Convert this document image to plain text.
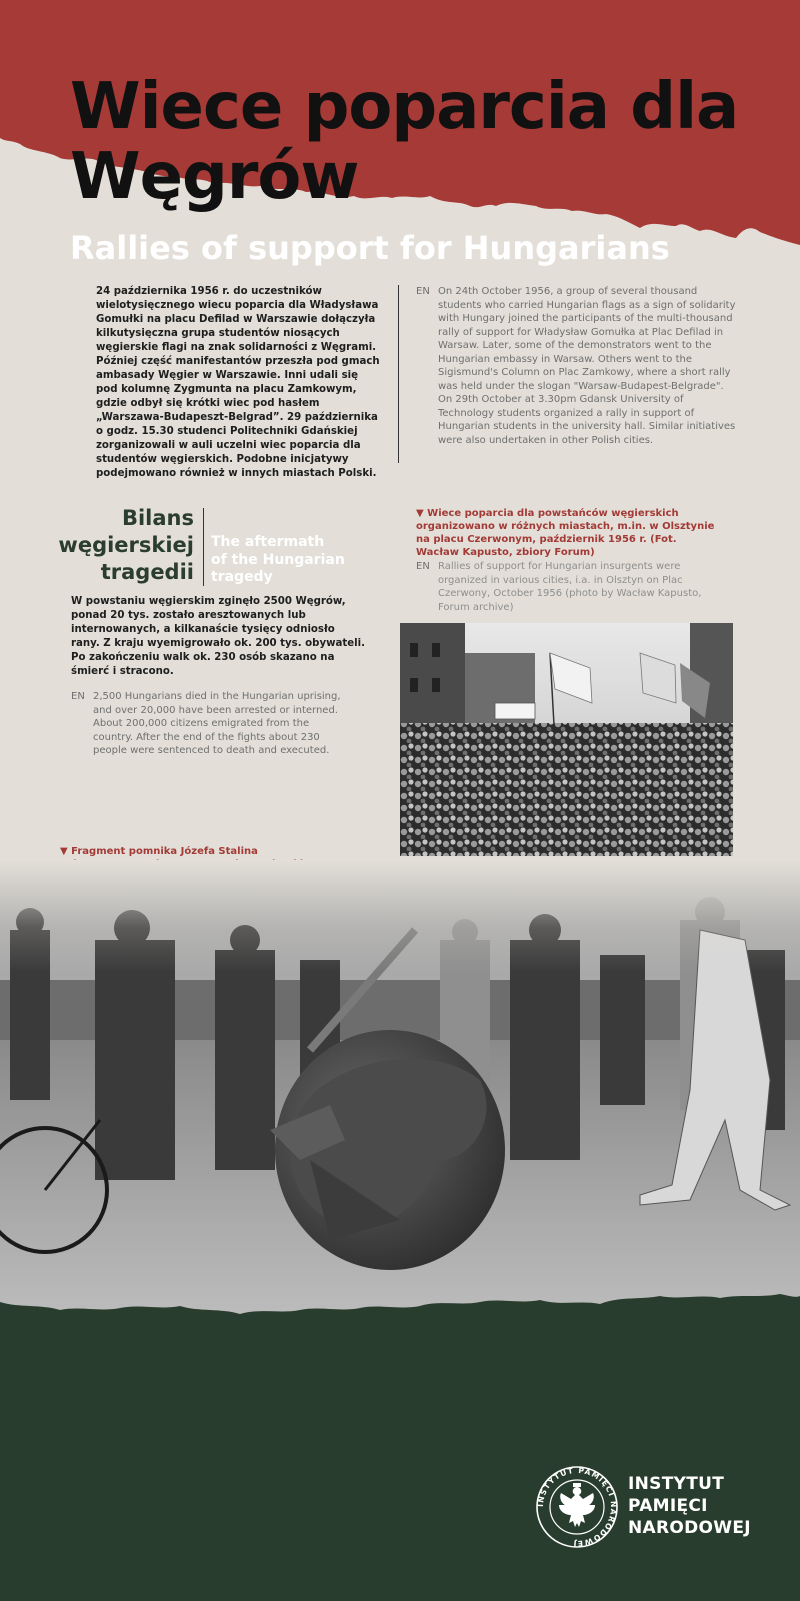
Wiece poparcia dla Węgrów
Rallies of support for Hungarians
24 października 1956 r. do uczestników wielotysięcznego wiecu poparcia dla Władysława Gomułki na placu Defilad w Warszawie dołączyła kilkutysięczna grupa studentów niosących węgierskie flagi na znak solidarności z Węgrami. Później część manifestantów przeszła pod gmach ambasady Węgier w Warszawie. Inni udali się pod kolumnę Zygmunta na placu Zamkowym, gdzie odbył się krótki wiec pod hasłem „Warszawa-Budapeszt-Belgrad”. 29 października o godz. 15.30 studenci Politechniki Gdańskiej zorganizowali w auli uczelni wiec poparcia dla studentów węgierskich. Podobne inicjatywy podejmowano również w innych miastach Polski.
EN On 24th October 1956, a group of several thousand students who carried Hungarian flags as a sign of solidarity with Hungary joined the participants of the multi-thousand rally of support for Władysław Gomułka at Plac Defilad in Warsaw. Later, some of the demonstrators went to the Hungarian embassy in Warsaw. Others went to the Sigismund's Column on Plac Zamkowy, where a short rally was held under the slogan "Warsaw-Budapest-Belgrade". On 29th October at 3.30pm Gdansk University of Technology students organized a rally in support of Hungarian students in the university hall. Similar initiatives were also undertaken in other Polish cities.
Bilans
węgierskiej
tragedii
The aftermath
of the Hungarian
tragedy
W powstaniu węgierskim zginęło 2500 Węgrów, ponad 20 tys. zostało aresztowanych lub internowanych, a kilkanaście tysięcy odniosło rany. Z kraju wyemigrowało ok. 200 tys. obywateli. Po zakończeniu walk ok. 230 osób skazano na śmierć i stracono.
EN 2,500 Hungarians died in the Hungarian uprising, and over 20,000 have been arrested or interned. About 200,000 citizens emigrated from the country. After the end of the fights about 230 people were sentenced to death and executed.
▼ Wiece poparcia dla powstańców węgierskich organizowano w różnych miastach, m.in. w Olsztynie na placu Czerwonym, październik 1956 r. (Fot. Wacław Kapusto, zbiory Forum)
EN Rallies of support for Hungarian insurgents were organized in various cities, i.a. in Olsztyn on Plac Czerwony, October 1956 (photo by Wacław Kapusto, Forum archive)
▼ Fragment pomnika Józefa Stalina
INSTYTUT PAMIĘCI NARODOWEJ
INSTYTUT
PAMIĘCI
NARODOWEJ
